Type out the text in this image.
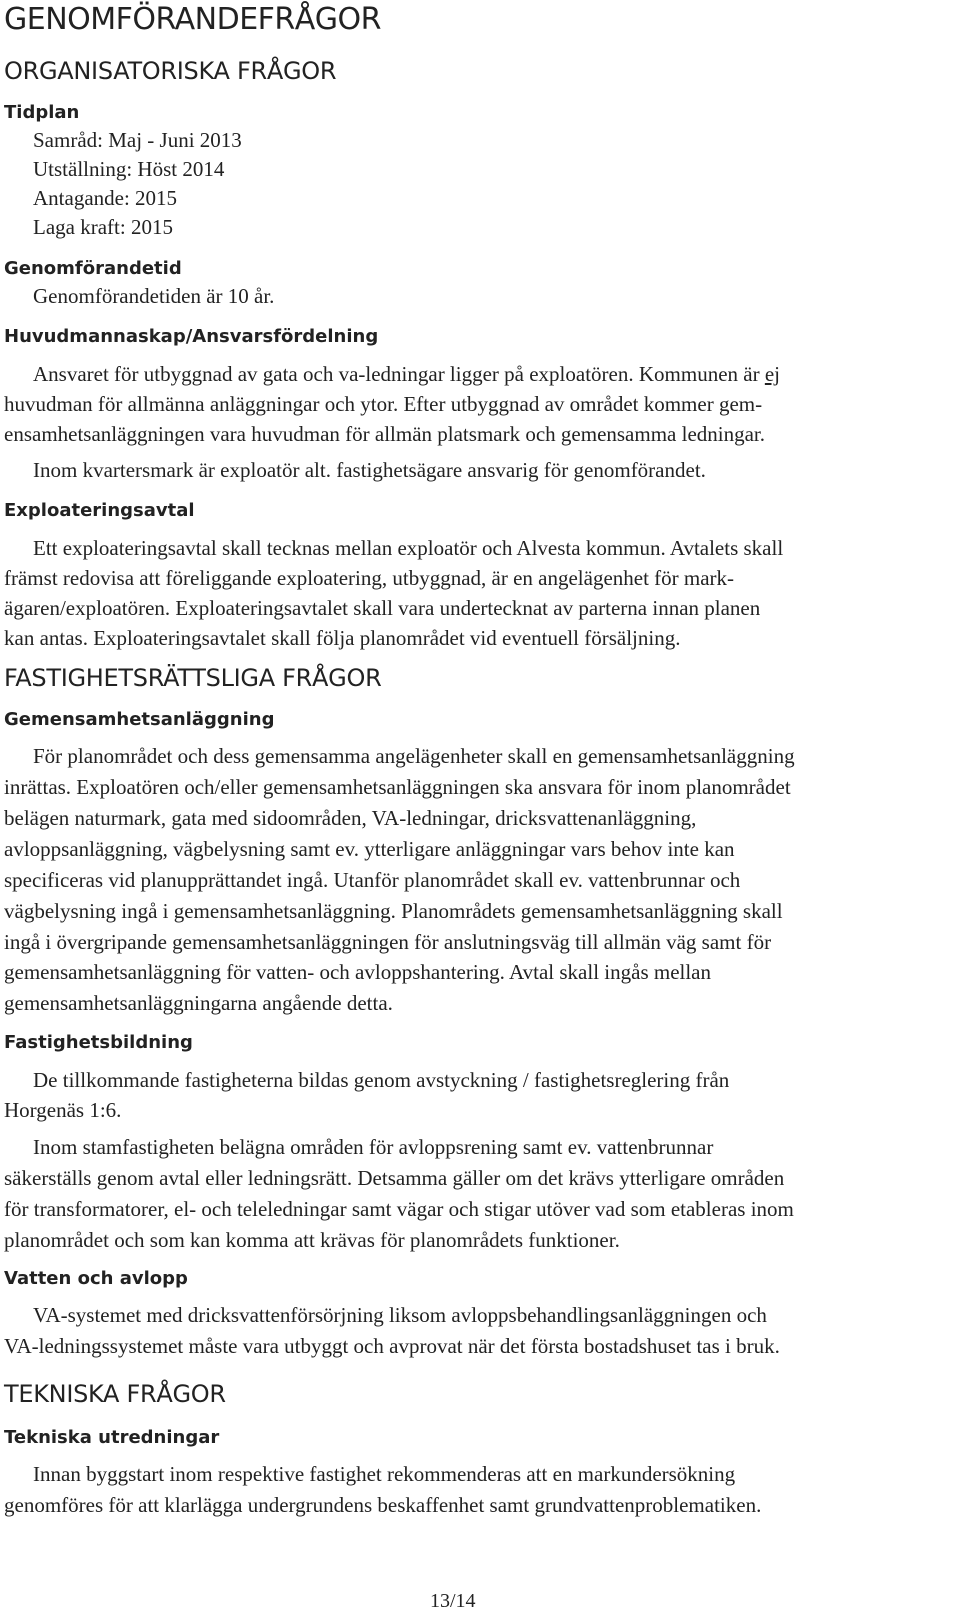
GENOMFÖRANDEFRÅGOR
ORGANISATORISKA FRÅGOR
Tidplan
Samråd: Maj - Juni 2013
Utställning: Höst 2014
Antagande: 2015
Laga kraft: 2015
Genomförandetid
Genomförandetiden är 10 år.
Huvudmannaskap/Ansvarsfördelning
Ansvaret för utbyggnad av gata och va-ledningar ligger på exploatören. Kommunen är ej
huvudman för allmänna anläggningar och ytor. Efter utbyggnad av området kommer gem-
ensamhetsanläggningen vara huvudman för allmän platsmark och gemensamma ledningar.
Inom kvartersmark är exploatör alt. fastighetsägare ansvarig för genomförandet.
Exploateringsavtal
Ett exploateringsavtal skall tecknas mellan exploatör och Alvesta kommun. Avtalets skall
främst redovisa att föreliggande exploatering, utbyggnad, är en angelägenhet för mark-
ägaren/exploatören. Exploateringsavtalet skall vara undertecknat av parterna innan planen
kan antas. Exploateringsavtalet skall följa planområdet vid eventuell försäljning.
FASTIGHETSRÄTTSLIGA FRÅGOR
Gemensamhetsanläggning
För planområdet och dess gemensamma angelägenheter skall en gemensamhetsanläggning
inrättas. Exploatören och/eller gemensamhetsanläggningen ska ansvara för inom planområdet
belägen naturmark, gata med sidoområden, VA-ledningar, dricksvattenanläggning,
avloppsanläggning, vägbelysning samt ev. ytterligare anläggningar vars behov inte kan
specificeras vid planupprättandet ingå. Utanför planområdet skall ev. vattenbrunnar och
vägbelysning ingå i gemensamhetsanläggning. Planområdets gemensamhetsanläggning skall
ingå i övergripande gemensamhetsanläggningen för anslutningsväg till allmän väg samt för
gemensamhetsanläggning för vatten- och avloppshantering. Avtal skall ingås mellan
gemensamhetsanläggningarna angående detta.
Fastighetsbildning
De tillkommande fastigheterna bildas genom avstyckning / fastighetsreglering från
Horgenäs 1:6.
Inom stamfastigheten belägna områden för avloppsrening samt ev. vattenbrunnar
säkerställs genom avtal eller ledningsrätt. Detsamma gäller om det krävs ytterligare områden
för transformatorer, el- och teleledningar samt vägar och stigar utöver vad som etableras inom
planområdet och som kan komma att krävas för planområdets funktioner.
Vatten och avlopp
VA-systemet med dricksvattenförsörjning liksom avloppsbehandlingsanläggningen och
VA-ledningssystemet måste vara utbyggt och avprovat när det första bostadshuset tas i bruk.
TEKNISKA FRÅGOR
Tekniska utredningar
Innan byggstart inom respektive fastighet rekommenderas att en markundersökning
genomföres för att klarlägga undergrundens beskaffenhet samt grundvattenproblematiken.
13/14
